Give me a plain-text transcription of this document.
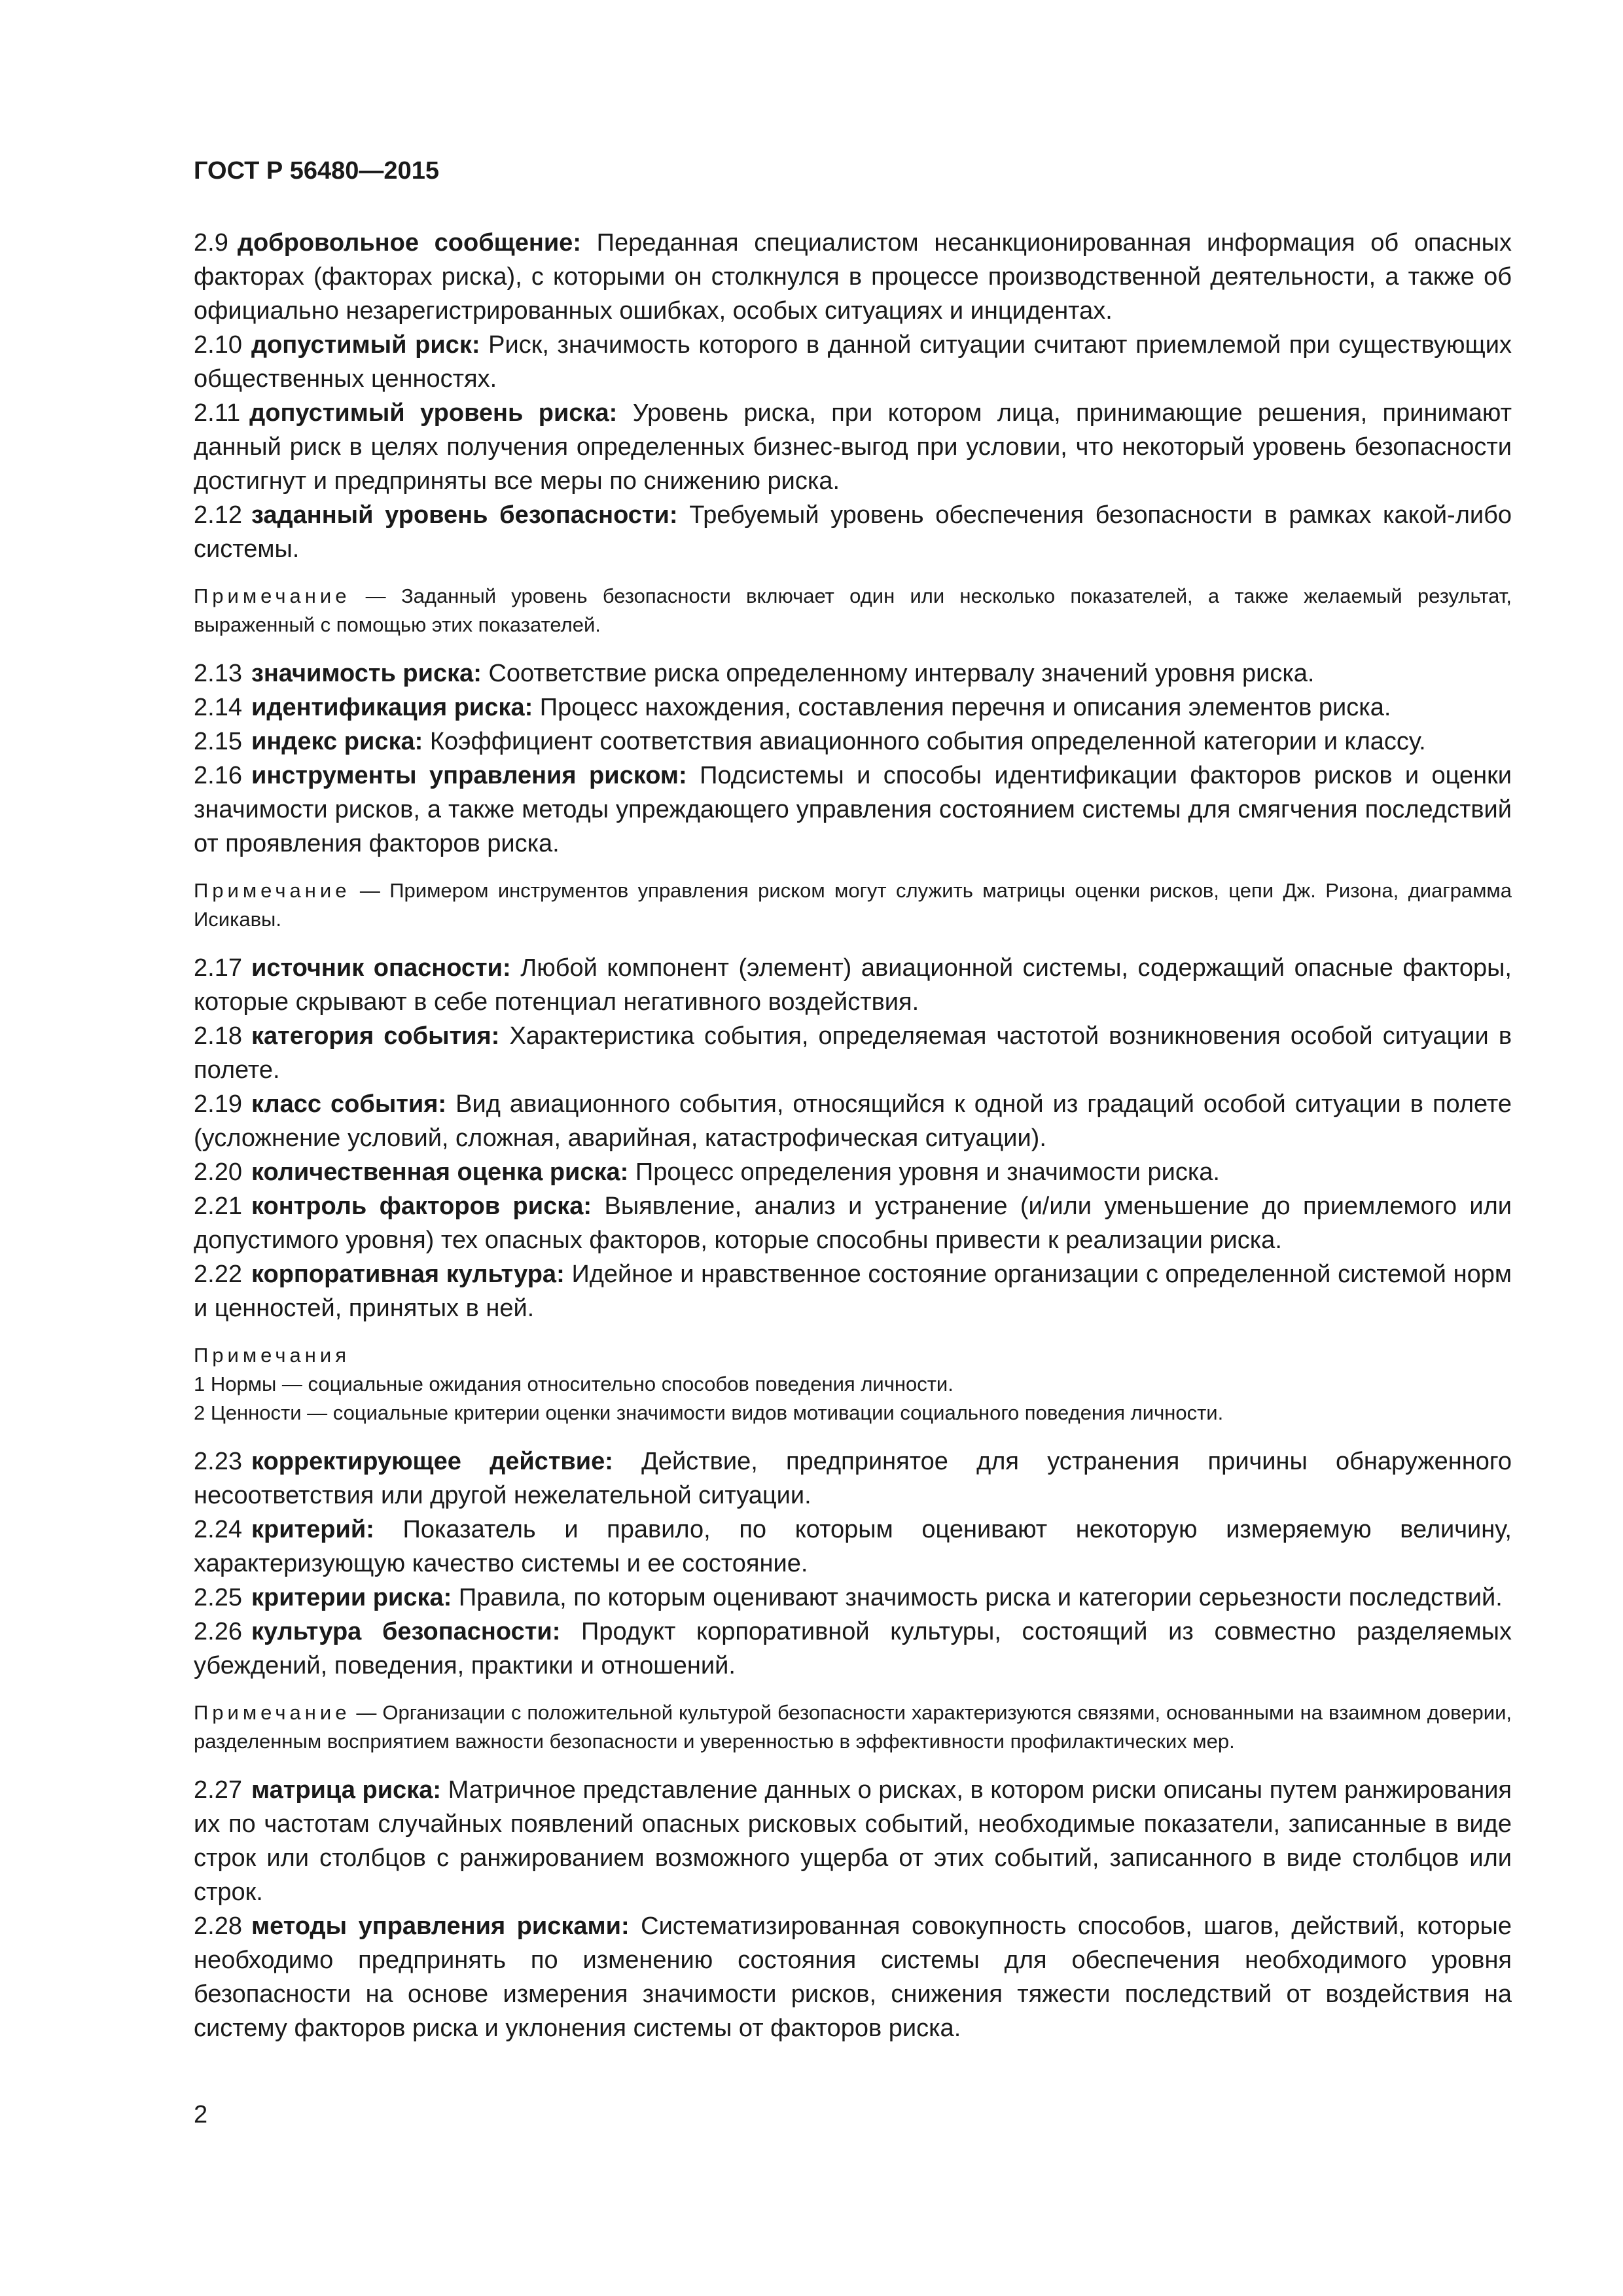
ГОСТ Р 56480—2015

2.9 добровольное сообщение: Переданная специалистом несанкционированная информация об опасных факторах (факторах риска), с которыми он столкнулся в процессе производственной деятельности, а также об официально незарегистрированных ошибках, особых ситуациях и инцидентах.

2.10 допустимый риск: Риск, значимость которого в данной ситуации считают приемлемой при существующих общественных ценностях.

2.11 допустимый уровень риска: Уровень риска, при котором лица, принимающие решения, принимают данный риск в целях получения определенных бизнес-выгод при условии, что некоторый уровень безопасности достигнут и предприняты все меры по снижению риска.

2.12 заданный уровень безопасности: Требуемый уровень обеспечения безопасности в рамках какой-либо системы.

Примечание — Заданный уровень безопасности включает один или несколько показателей, а также желаемый результат, выраженный с помощью этих показателей.

2.13 значимость риска: Соответствие риска определенному интервалу значений уровня риска.

2.14 идентификация риска: Процесс нахождения, составления перечня и описания элементов риска.

2.15 индекс риска: Коэффициент соответствия авиационного события определенной категории и классу.

2.16 инструменты управления риском: Подсистемы и способы идентификации факторов рисков и оценки значимости рисков, а также методы упреждающего управления состоянием системы для смягчения последствий от проявления факторов риска.

Примечание — Примером инструментов управления риском могут служить матрицы оценки рисков, цепи Дж. Ризона, диаграмма Исикавы.

2.17 источник опасности: Любой компонент (элемент) авиационной системы, содержащий опасные факторы, которые скрывают в себе потенциал негативного воздействия.

2.18 категория события: Характеристика события, определяемая частотой возникновения особой ситуации в полете.

2.19 класс события: Вид авиационного события, относящийся к одной из градаций особой ситуации в полете (усложнение условий, сложная, аварийная, катастрофическая ситуации).

2.20 количественная оценка риска: Процесс определения уровня и значимости риска.

2.21 контроль факторов риска: Выявление, анализ и устранение (и/или уменьшение до приемлемого или допустимого уровня) тех опасных факторов, которые способны привести к реализации риска.

2.22 корпоративная культура: Идейное и нравственное состояние организации с определенной системой норм и ценностей, принятых в ней.

Примечания

1 Нормы — социальные ожидания относительно способов поведения личности.

2 Ценности — социальные критерии оценки значимости видов мотивации социального поведения личности.

2.23 корректирующее действие: Действие, предпринятое для устранения причины обнаруженного несоответствия или другой нежелательной ситуации.

2.24 критерий: Показатель и правило, по которым оценивают некоторую измеряемую величину, характеризующую качество системы и ее состояние.

2.25 критерии риска: Правила, по которым оценивают значимость риска и категории серьезности последствий.

2.26 культура безопасности: Продукт корпоративной культуры, состоящий из совместно разделяемых убеждений, поведения, практики и отношений.

Примечание — Организации с положительной культурой безопасности характеризуются связями, основанными на взаимном доверии, разделенным восприятием важности безопасности и уверенностью в эффективности профилактических мер.

2.27 матрица риска: Матричное представление данных о рисках, в котором риски описаны путем ранжирования их по частотам случайных появлений опасных рисковых событий, необходимые показатели, записанные в виде строк или столбцов с ранжированием возможного ущерба от этих событий, записанного в виде столбцов или строк.

2.28 методы управления рисками: Систематизированная совокупность способов, шагов, действий, которые необходимо предпринять по изменению состояния системы для обеспечения необходимого уровня безопасности на основе измерения значимости рисков, снижения тяжести последствий от воздействия на систему факторов риска и уклонения системы от факторов риска.

2
